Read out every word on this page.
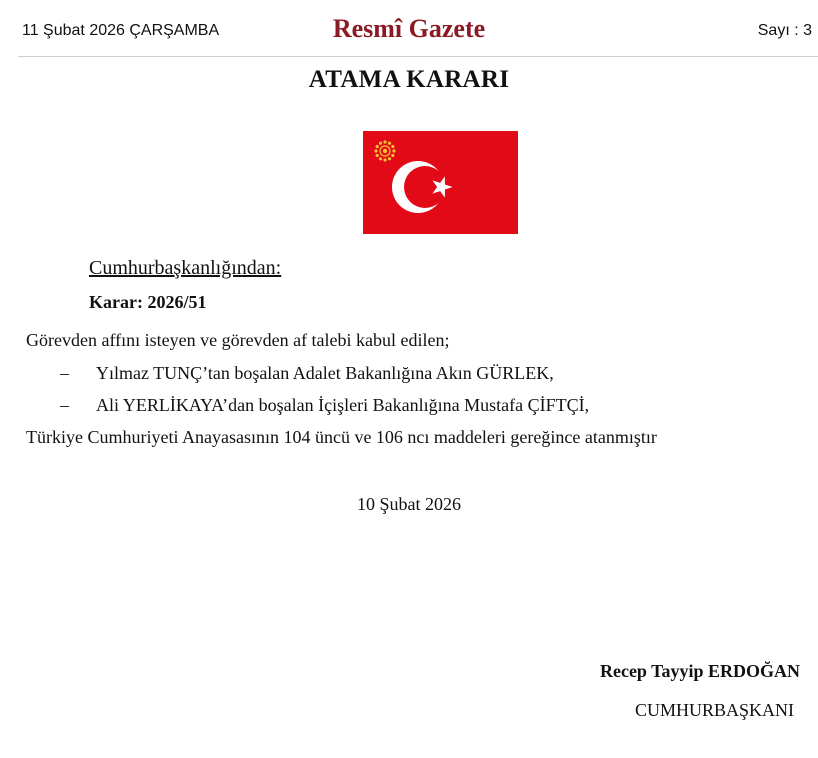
11 Şubat 2026 ÇARŞAMBA	Resmî Gazete	Sayı : 3
ATAMA KARARI
Cumhurbaşkanlığından:
Karar: 2026/51
Görevden affını isteyen ve görevden af talebi kabul edilen;
– Yılmaz TUNÇ’tan boşalan Adalet Bakanlığına Akın GÜRLEK,
– Ali YERLİKAYA’dan boşalan İçişleri Bakanlığına Mustafa ÇİFTÇİ,
Türkiye Cumhuriyeti Anayasasının 104 üncü ve 106 ncı maddeleri gereğince atanmıştır
10 Şubat 2026
Recep Tayyip ERDOĞAN
CUMHURBAŞKANI
